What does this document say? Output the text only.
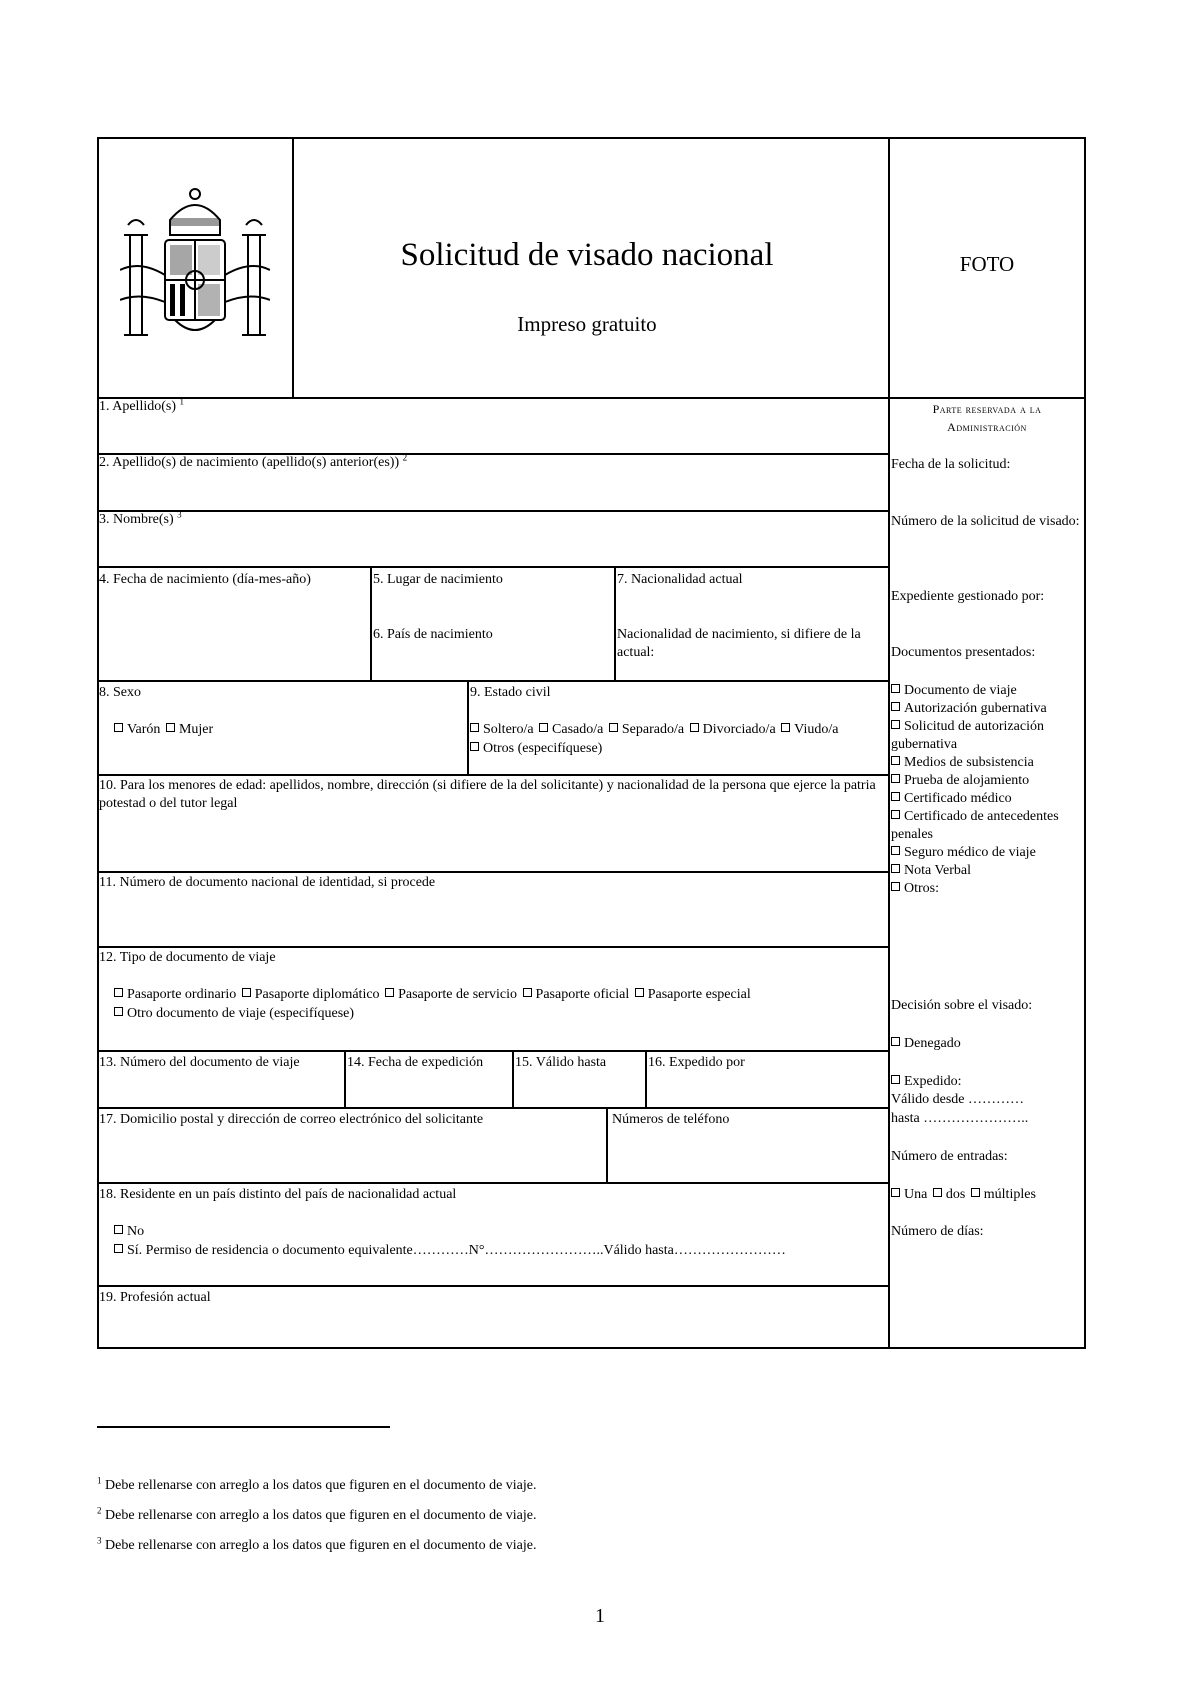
Solicitud de visado nacional
Impreso gratuito
FOTO
1. Apellido(s) $^1$
2. Apellido(s) de nacimiento (apellido(s) anterior(es)) $^2$
3. Nombre(s) $^3$
4. Fecha de nacimiento (día-mes-año)	5. Lugar de nacimiento
6. País de nacimiento
7. Nacionalidad actual
Nacionalidad de nacimiento, si difiere de la actual:
8. Sexo
Varón Mujer
9. Estado civil
Soltero/a Casado/a Separado/a Divorciado/a Viudo/a
Otros (especifíquese)
10. Para los menores de edad: apellidos, nombre, dirección (si difiere de la del solicitante) y nacionalidad de la persona que ejerce la patria potestad o del tutor legal
11. Número de documento nacional de identidad, si procede
12. Tipo de documento de viaje
Pasaporte ordinario Pasaporte diplomático Pasaporte de servicio Pasaporte oficial Pasaporte especial
Otro documento de viaje (especifíquese)
13. Número del documento de viaje	14. Fecha de expedición 15. Válido hasta	16. Expedido por
17. Domicilio postal y dirección de correo electrónico del solicitante	Números de teléfono
18. Residente en un país distinto del país de nacionalidad actual
No
Sí. Permiso de residencia o documento equivalente…………N°……………………..Válido hasta……………………
19. Profesión actual
Parte reservada a la
Administración
Fecha de la solicitud:
Número de la solicitud de visado:
Expediente gestionado por:
Documentos presentados:
Documento de viaje
Autorización gubernativa
Solicitud de autorización gubernativa
Medios de subsistencia
Prueba de alojamiento
Certificado médico
Certificado de antecedentes penales
Seguro médico de viaje
Nota Verbal
Otros:
Decisión sobre el visado:
Denegado
Expedido:
Válido desde …………
hasta …………………..
Número de entradas:
Una dos múltiples
Número de días:
$^1$ Debe rellenarse con arreglo a los datos que figuren en el documento de viaje.
$^2$ Debe rellenarse con arreglo a los datos que figuren en el documento de viaje.
$^3$ Debe rellenarse con arreglo a los datos que figuren en el documento de viaje.
1
